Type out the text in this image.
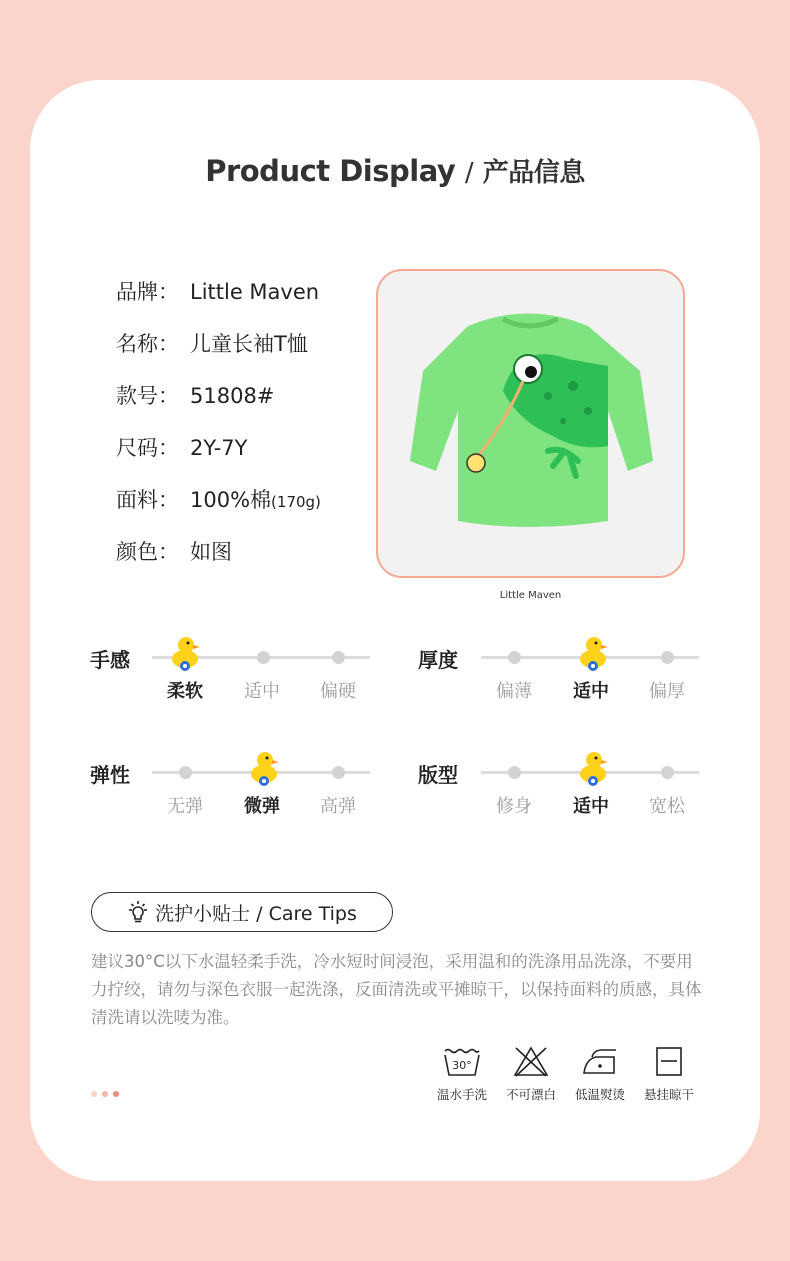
Product Display / 产品信息
品牌： Little Maven
名称： 儿童长袖T恤
款号： 51808#
尺码： 2Y-7Y
面料： 100%棉(170g)
颜色： 如图
Little Maven
手感
柔软	适中	偏硬
厚度
偏薄	适中	偏厚
弹性
无弹	微弹	高弹
版型
修身	适中	宽松
洗护小贴士 / Care Tips
建议30°C以下水温轻柔手洗，冷水短时间浸泡，采用温和的洗涤用品洗涤，不要用力拧绞，请勿与深色衣服一起洗涤，反面清洗或平摊晾干，以保持面料的质感，具体清洗请以洗唛为准。
30°
温水手洗	不可漂白	低温熨烫	悬挂晾干
